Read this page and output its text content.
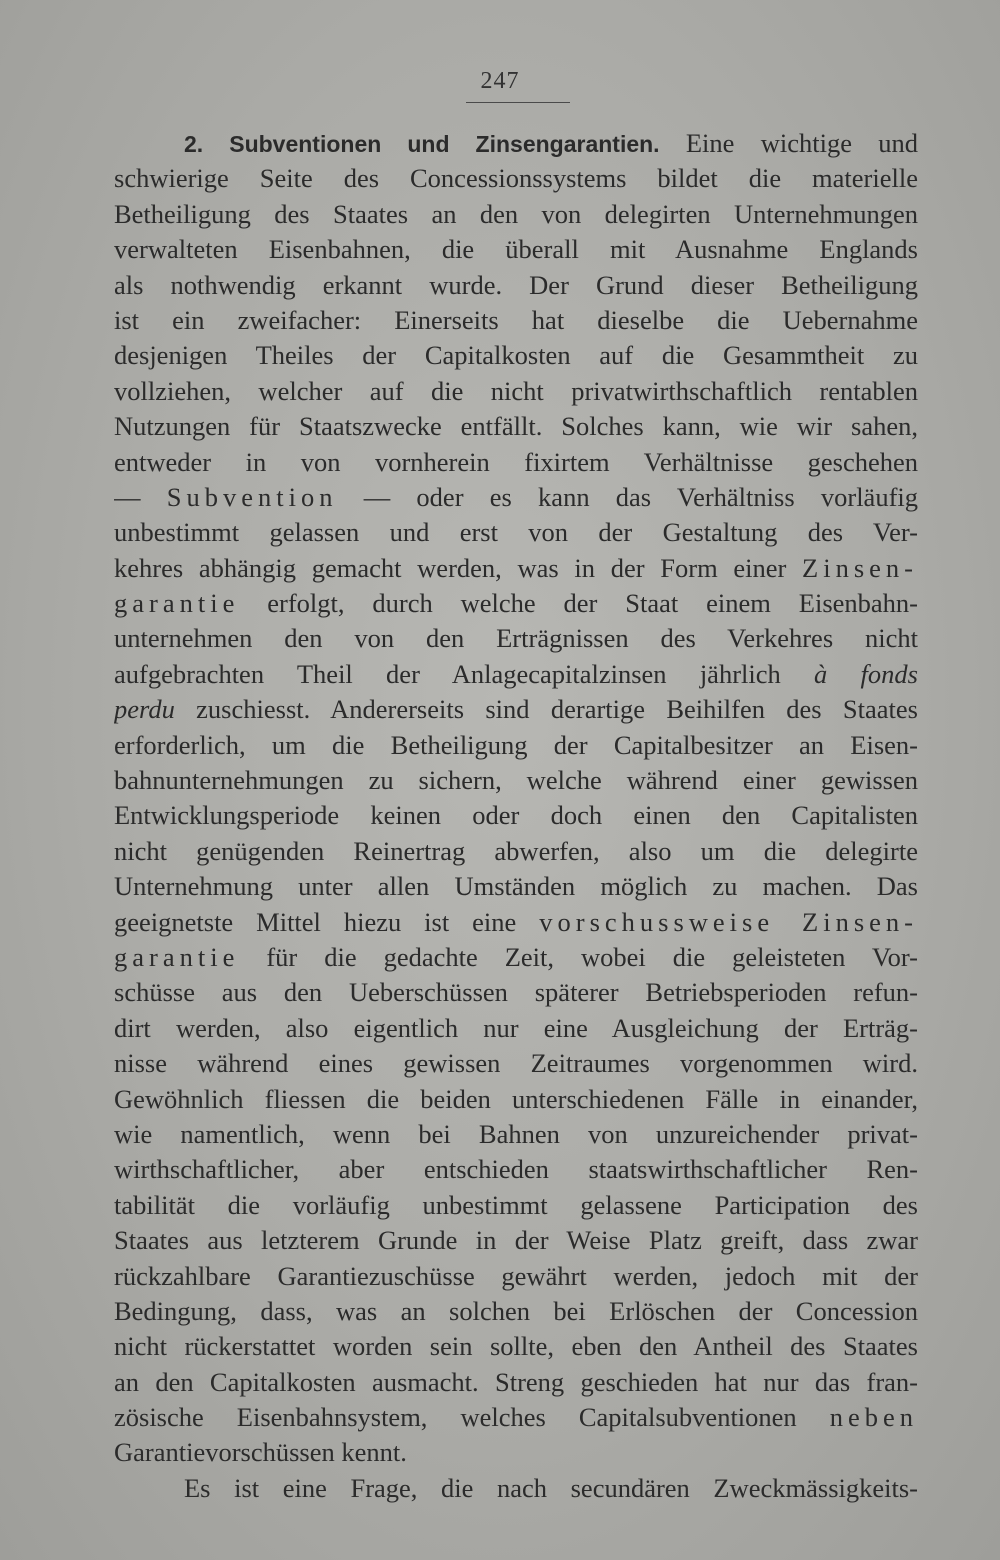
247
2. Subventionen und Zinsengarantien. Eine wichtige und
schwierige Seite des Concessionssystems bildet die materielle
Betheiligung des Staates an den von delegirten Unternehmungen
verwalteten Eisenbahnen, die überall mit Ausnahme Englands
als nothwendig erkannt wurde. Der Grund dieser Betheiligung
ist ein zweifacher: Einerseits hat dieselbe die Uebernahme
desjenigen Theiles der Capitalkosten auf die Gesammtheit zu
vollziehen, welcher auf die nicht privatwirthschaftlich rentablen
Nutzungen für Staatszwecke entfällt. Solches kann, wie wir sahen,
entweder in von vornherein fixirtem Verhältnisse geschehen
— Subvention — oder es kann das Verhältniss vorläufig
unbestimmt gelassen und erst von der Gestaltung des Ver-
kehres abhängig gemacht werden, was in der Form einer Zinsen-
garantie erfolgt, durch welche der Staat einem Eisenbahn-
unternehmen den von den Erträgnissen des Verkehres nicht
aufgebrachten Theil der Anlagecapitalzinsen jährlich à fonds
perdu zuschiesst. Andererseits sind derartige Beihilfen des Staates
erforderlich, um die Betheiligung der Capitalbesitzer an Eisen-
bahnunternehmungen zu sichern, welche während einer gewissen
Entwicklungsperiode keinen oder doch einen den Capitalisten
nicht genügenden Reinertrag abwerfen, also um die delegirte
Unternehmung unter allen Umständen möglich zu machen. Das
geeignetste Mittel hiezu ist eine vorschussweise Zinsen-
garantie für die gedachte Zeit, wobei die geleisteten Vor-
schüsse aus den Ueberschüssen späterer Betriebsperioden refun-
dirt werden, also eigentlich nur eine Ausgleichung der Erträg-
nisse während eines gewissen Zeitraumes vorgenommen wird.
Gewöhnlich fliessen die beiden unterschiedenen Fälle in einander,
wie namentlich, wenn bei Bahnen von unzureichender privat-
wirthschaftlicher, aber entschieden staatswirthschaftlicher Ren-
tabilität die vorläufig unbestimmt gelassene Participation des
Staates aus letzterem Grunde in der Weise Platz greift, dass zwar
rückzahlbare Garantiezuschüsse gewährt werden, jedoch mit der
Bedingung, dass, was an solchen bei Erlöschen der Concession
nicht rückerstattet worden sein sollte, eben den Antheil des Staates
an den Capitalkosten ausmacht. Streng geschieden hat nur das fran-
zösische Eisenbahnsystem, welches Capitalsubventionen neben
Garantievorschüssen kennt.
Es ist eine Frage, die nach secundären Zweckmässigkeits-
